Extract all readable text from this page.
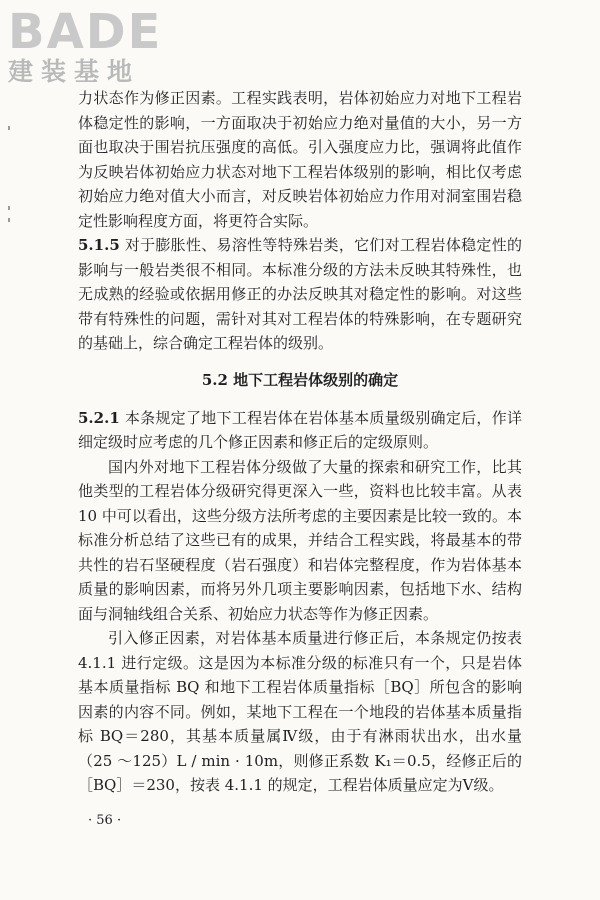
BADE
建装基地

力状态作为修正因素。工程实践表明，岩体初始应力对地下工程岩体稳定性的影响，一方面取决于初始应力绝对量值的大小，另一方面也取决于围岩抗压强度的高低。引入强度应力比，强调将此值作为反映岩体初始应力状态对地下工程岩体级别的影响，相比仅考虑初始应力绝对值大小而言，对反映岩体初始应力作用对洞室围岩稳定性影响程度方面，将更符合实际。

5.1.5 对于膨胀性、易溶性等特殊岩类，它们对工程岩体稳定性的影响与一般岩类很不相同。本标准分级的方法未反映其特殊性，也无成熟的经验或依据用修正的办法反映其对稳定性的影响。对这些带有特殊性的问题，需针对其对工程岩体的特殊影响，在专题研究的基础上，综合确定工程岩体的级别。

5.2 地下工程岩体级别的确定

5.2.1 本条规定了地下工程岩体在岩体基本质量级别确定后，作详细定级时应考虑的几个修正因素和修正后的定级原则。

国内外对地下工程岩体分级做了大量的探索和研究工作，比其他类型的工程岩体分级研究得更深入一些，资料也比较丰富。从表 10 中可以看出，这些分级方法所考虑的主要因素是比较一致的。本标准分析总结了这些已有的成果，并结合工程实践，将最基本的带共性的岩石坚硬程度（岩石强度）和岩体完整程度，作为岩体基本质量的影响因素，而将另外几项主要影响因素，包括地下水、结构面与洞轴线组合关系、初始应力状态等作为修正因素。

引入修正因素，对岩体基本质量进行修正后，本条规定仍按表 4.1.1 进行定级。这是因为本标准分级的标准只有一个，只是岩体基本质量指标 BQ 和地下工程岩体质量指标［BQ］所包含的影响因素的内容不同。例如，某地下工程在一个地段的岩体基本质量指标 BQ＝280，其基本质量属Ⅳ级，由于有淋雨状出水，出水量（25 ～125）L / min · 10m，则修正系数 K₁＝0.5，经修正后的［BQ］＝230，按表 4.1.1 的规定，工程岩体质量应定为Ⅴ级。

· 56 ·
